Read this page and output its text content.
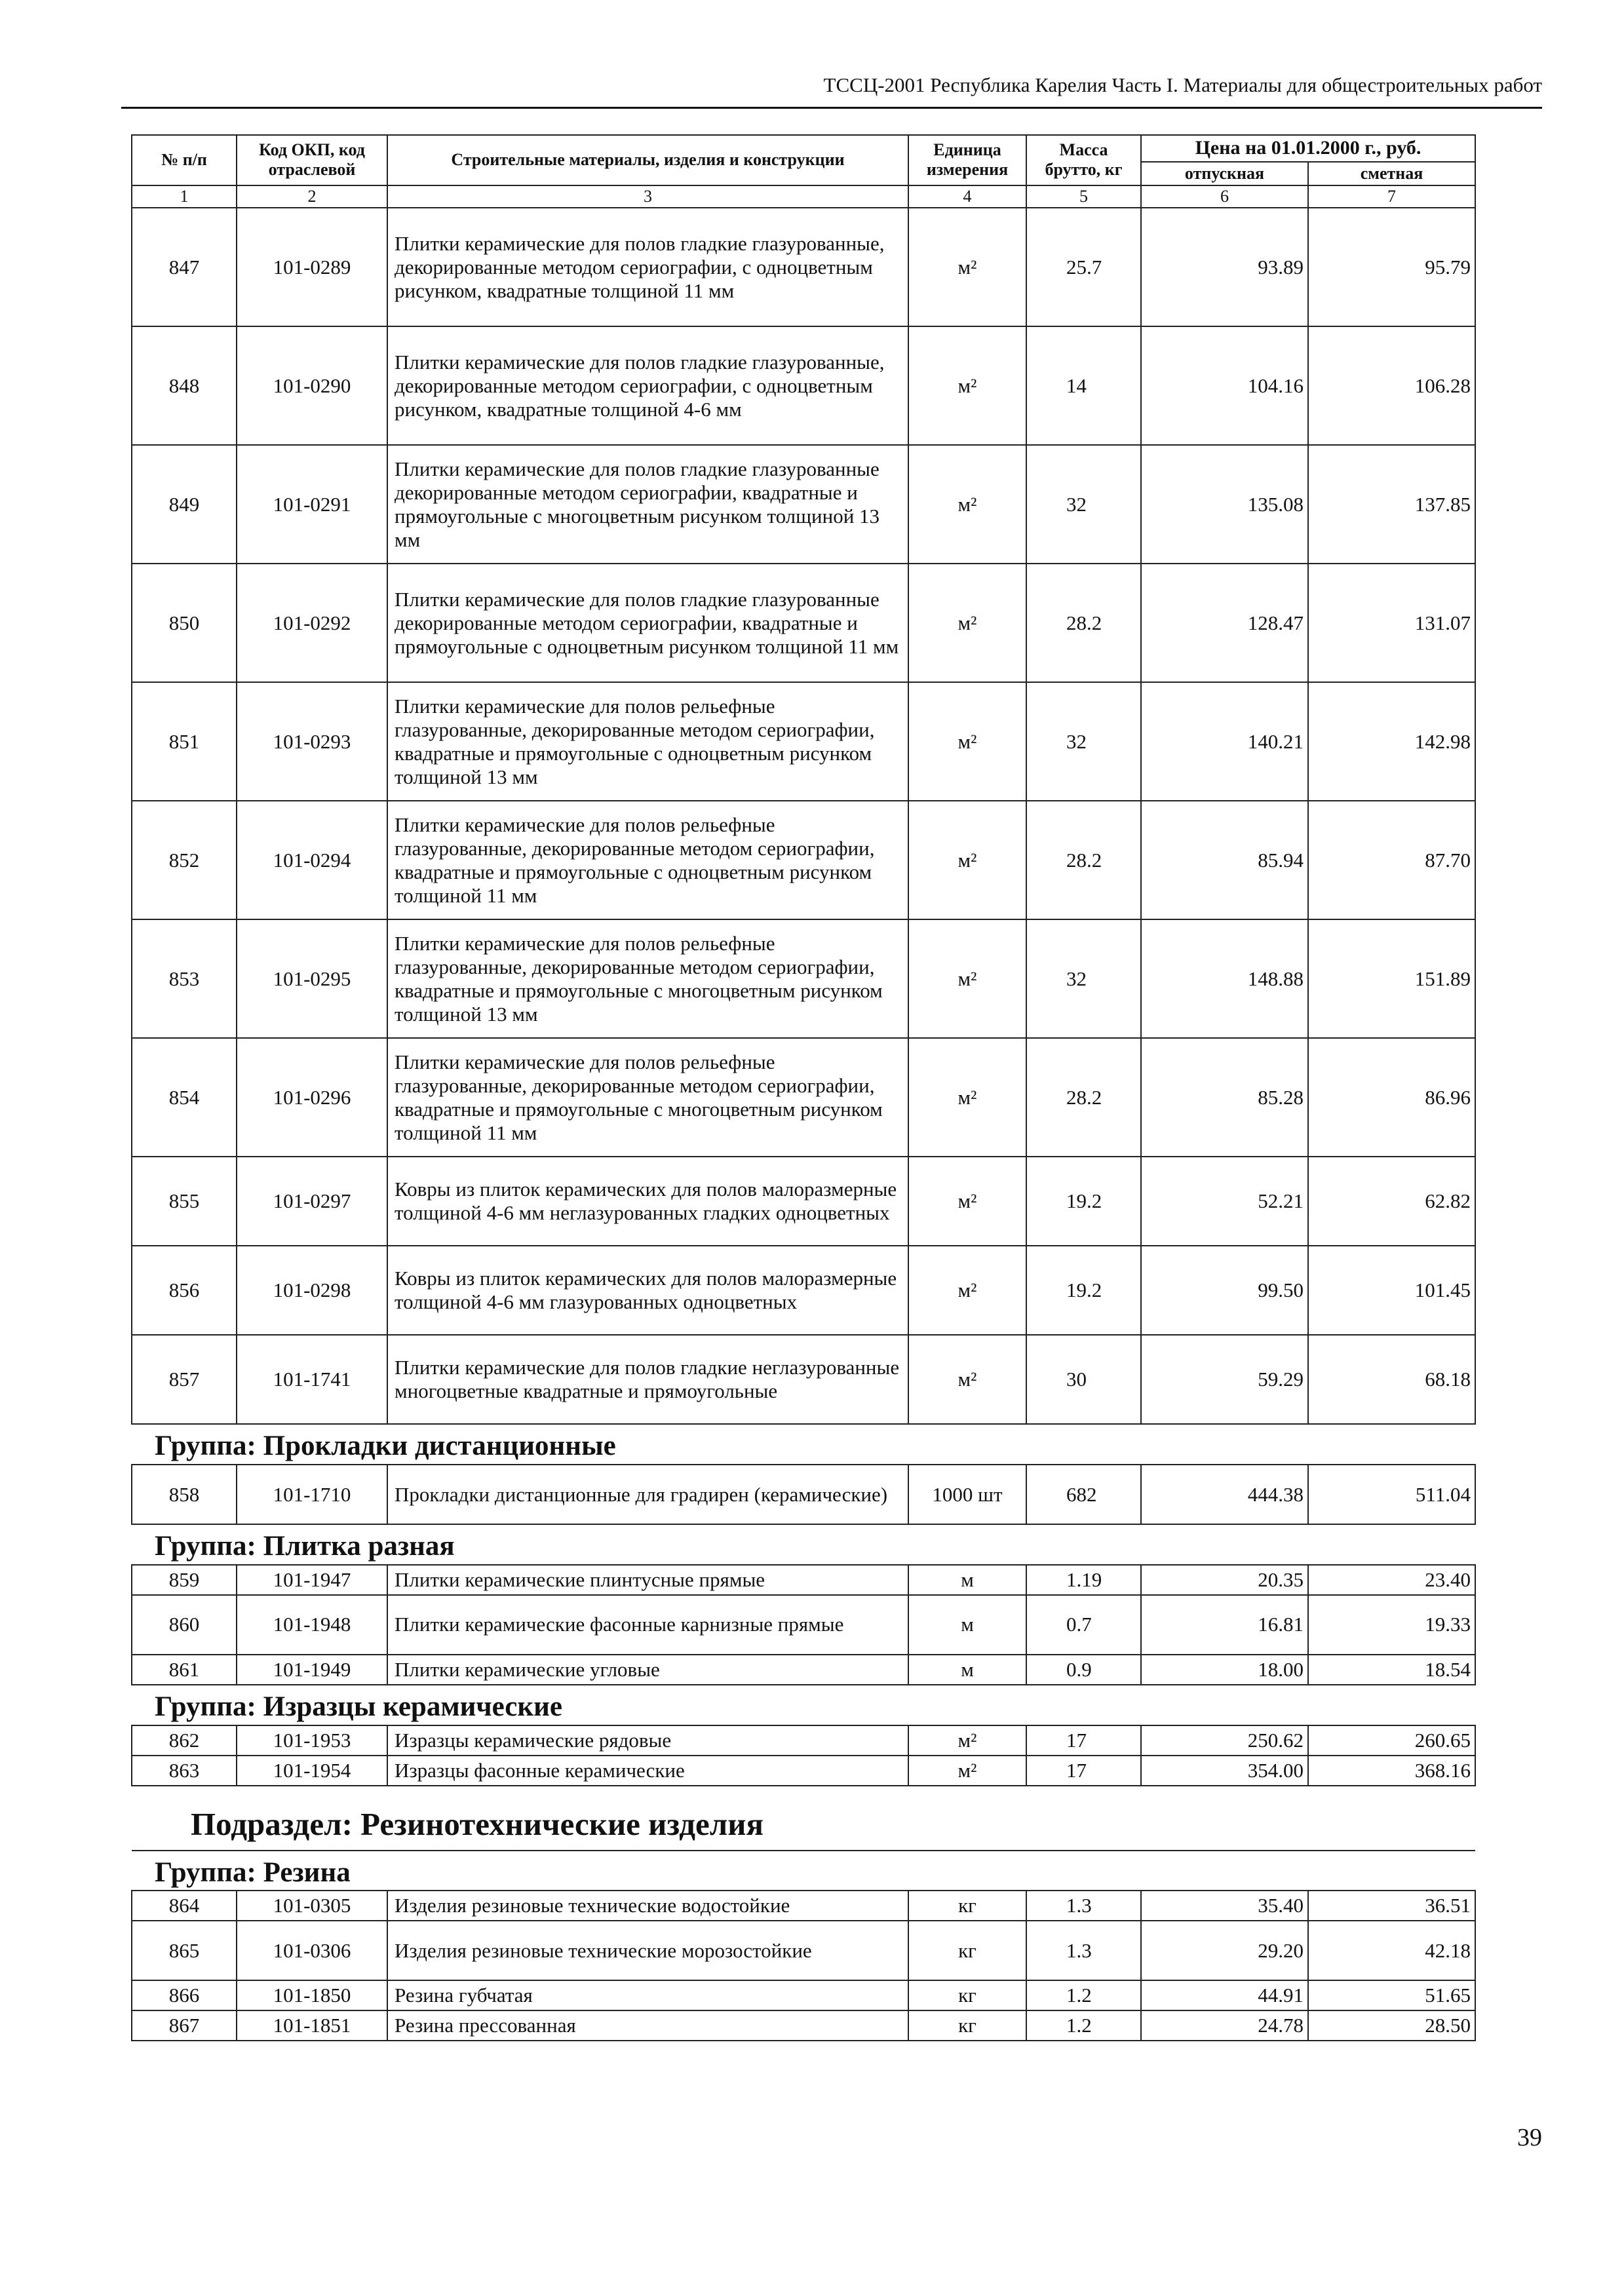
ТССЦ-2001 Республика Карелия Часть I. Материалы для общестроительных работ
№ п/п	Код ОКП, код отраслевой	Строительные материалы, изделия и конструкции	Единица измерения	Масса брутто, кг	Цена на 01.01.2000 г., руб.	
					отпускная	сметная
1	2	3	4	5	6	7
847	101-0289	Плитки керамические для полов гладкие глазурованные, декорированные методом сериографии, с одноцветным рисунком, квадратные толщиной 11 мм	м²	25.7	93.89	95.79
848	101-0290	Плитки керамические для полов гладкие глазурованные, декорированные методом сериографии, с одноцветным рисунком, квадратные толщиной 4-6 мм	м²	14	104.16	106.28
849	101-0291	Плитки керамические для полов гладкие глазурованные декорированные методом сериографии, квадратные и прямоугольные с многоцветным рисунком толщиной 13 мм	м²	32	135.08	137.85
850	101-0292	Плитки керамические для полов гладкие глазурованные декорированные методом сериографии, квадратные и прямоугольные с одноцветным рисунком толщиной 11 мм	м²	28.2	128.47	131.07
851	101-0293	Плитки керамические для полов рельефные глазурованные, декорированные методом сериографии, квадратные и прямоугольные с одноцветным рисунком толщиной 13 мм	м²	32	140.21	142.98
852	101-0294	Плитки керамические для полов рельефные глазурованные, декорированные методом сериографии, квадратные и прямоугольные с одноцветным рисунком толщиной 11 мм	м²	28.2	85.94	87.70
853	101-0295	Плитки керамические для полов рельефные глазурованные, декорированные методом сериографии, квадратные и прямоугольные с многоцветным рисунком толщиной 13 мм	м²	32	148.88	151.89
854	101-0296	Плитки керамические для полов рельефные глазурованные, декорированные методом сериографии, квадратные и прямоугольные с многоцветным рисунком толщиной 11 мм	м²	28.2	85.28	86.96
855	101-0297	Ковры из плиток керамических для полов малоразмерные толщиной 4-6 мм неглазурованных гладких одноцветных	м²	19.2	52.21	62.82
856	101-0298	Ковры из плиток керамических для полов малоразмерные толщиной 4-6 мм глазурованных одноцветных	м²	19.2	99.50	101.45
857	101-1741	Плитки керамические для полов гладкие неглазурованные многоцветные квадратные и прямоугольные	м²	30	59.29	68.18
Группа: Прокладки дистанционные						
858	101-1710	Прокладки дистанционные для градирен (керамические)	1000 шт	682	444.38	511.04
Группа: Плитка разная						
859	101-1947	Плитки керамические плинтусные прямые	м	1.19	20.35	23.40
860	101-1948	Плитки керамические фасонные карнизные прямые	м	0.7	16.81	19.33
861	101-1949	Плитки керамические угловые	м	0.9	18.00	18.54
Группа: Изразцы керамические						
862	101-1953	Изразцы керамические рядовые	м²	17	250.62	260.65
863	101-1954	Изразцы фасонные керамические	м²	17	354.00	368.16
Подраздел: Резинотехнические изделия						
Группа: Резина						
864	101-0305	Изделия резиновые технические водостойкие	кг	1.3	35.40	36.51
865	101-0306	Изделия резиновые технические морозостойкие	кг	1.3	29.20	42.18
866	101-1850	Резина губчатая	кг	1.2	44.91	51.65
867	101-1851	Резина прессованная	кг	1.2	24.78	28.50
39
